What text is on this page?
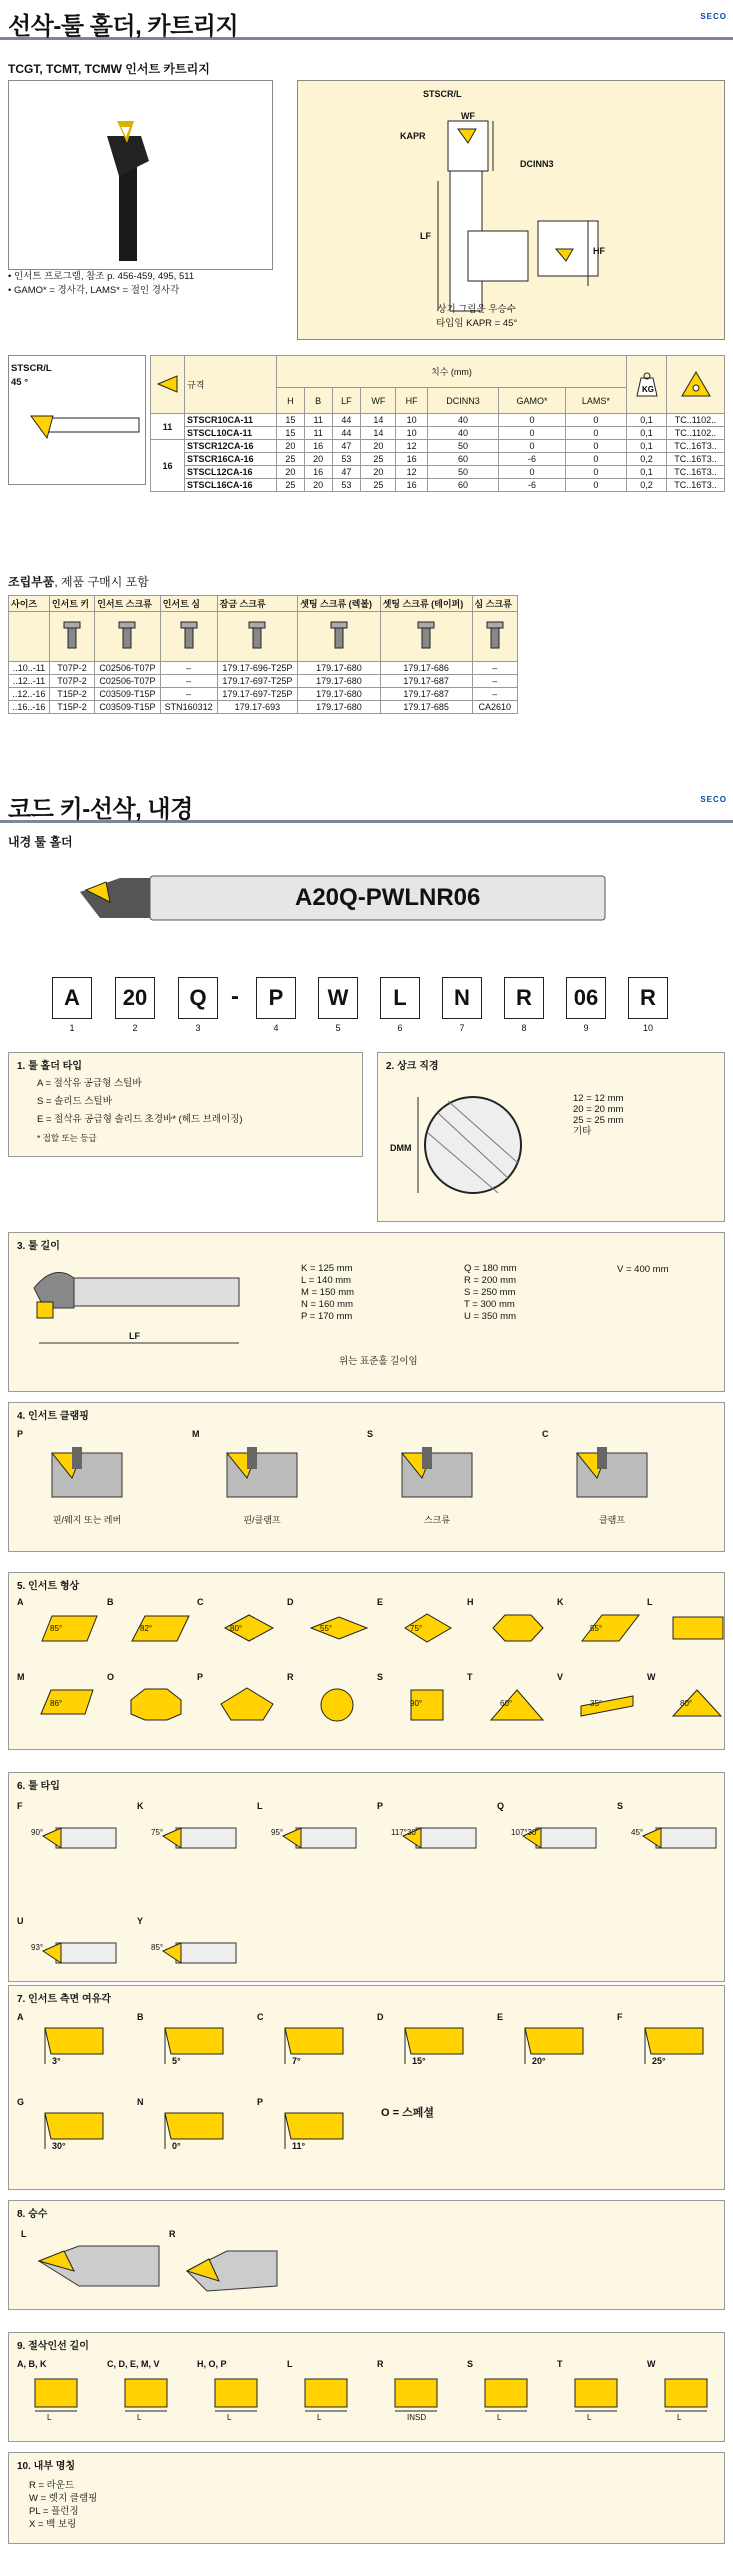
선삭-툴 홀더, 카트리지	$^{SECO}$
TCGT, TCMT, TCMW 인서트 카트리지
• 인서트 프로그램, 참조 p. 456-459, 495, 511
• GAMO* = 경사각, LAMS* = 절인 경사각
STSCR/L
KAPR
WF
LF
HF
DCINN3
상기 그림은 우승수
타입임 KAPR = 45°
STSCR/L
45 °
		규격	치수 (mm)								KG

		H	B	LF	WF	HF	DCINN3	GAMO*	LAMS*		
11	STSCR10CA-11	15	11	44	14	10	40	0	0	0,1	TC..1102..
	STSCL10CA-11	15	11	44	14	10	40	0	0	0,1	TC..1102..
16	STSCR12CA-16	20	16	47	20	12	50	0	0	0,1	TC..16T3..
	STSCR16CA-16	25	20	53	25	16	60	-6	0	0,2	TC..16T3..
	STSCL12CA-16	20	16	47	20	12	50	0	0	0,1	TC..16T3..
	STSCL16CA-16	25	20	53	25	16	60	-6	0	0,2	TC..16T3..
조립부품, 제품 구매시 포함
사이즈	인서트 키	인서트 스크류	인서트 심	잠금 스크류	셋팅 스크류 (렉볼)	셋팅 스크류 (테이퍼)	심 스크류

..10..-11	T07P-2	C02506-T07P	–	179.17-696-T25P	179.17-680	179.17-686	–
..12..-11	T07P-2	C02506-T07P	–	179.17-697-T25P	179.17-680	179.17-687	–
..12..-16	T15P-2	C03509-T15P	–	179.17-697-T25P	179.17-680	179.17-687	–
..16..-16	T15P-2	C03509-T15P	STN160312	179.17-693	179.17-680	179.17-685	CA2610
코드 키-선삭, 내경	$^{SECO}$
내경 툴 홀더
A20Q-PWLNR06
A
1
20
2
Q
3
P
4
W
5
L
6
N
7
R
8
06
9
R
10
-
1. 툴 홀더 타입
A = 절삭유 공급형 스틸바
S = 솔리드 스틸바
E = 절삭유 공급형 솔리드 초경바* (헤드 브레이징)
* 접할 또는 등급
2. 상크 직경
DMM
12 = 12 mm
20 = 20 mm
25 = 25 mm
기타
3. 툴 길이
LF
K = 125 mm
L = 140 mm
M = 150 mm
N = 160 mm
P = 170 mm
Q = 180 mm
R = 200 mm
S = 250 mm
T = 300 mm
U = 350 mm
V = 400 mm
위는 표준홀 길이임
4. 인서트 클램핑
P
핀/웨지 또는 레버
M
핀/클램프
S
스크류
C
클램프
5. 인서트 형상
A
85°
B
82°
C
80°
D
55°
E
75°
H	K
55°
L
M
86°
O	P	R	S
90°
T
60°
V
35°
W
80°
6. 툴 타입
F
90°
K
75°
L
95°
P
117°30'
Q
107°30'
S
45°
U
93°
Y
85°
7. 인서트 측면 여유각
A
3°
B
5°
C
7°
D
15°
E
20°
F
25°
G
30°
N
0°
P
11°
O = 스페셜
8. 승수
L	R
9. 절삭인선 길이
A, B, K
L
C, D, E, M, V
L
H, O, P
L
L
L
R
INSD
S
L
T
L
W
L
10. 내부 명칭
R = 라운드
W = 렛지 클램핑
PL = 플런징
X = 백 보링
